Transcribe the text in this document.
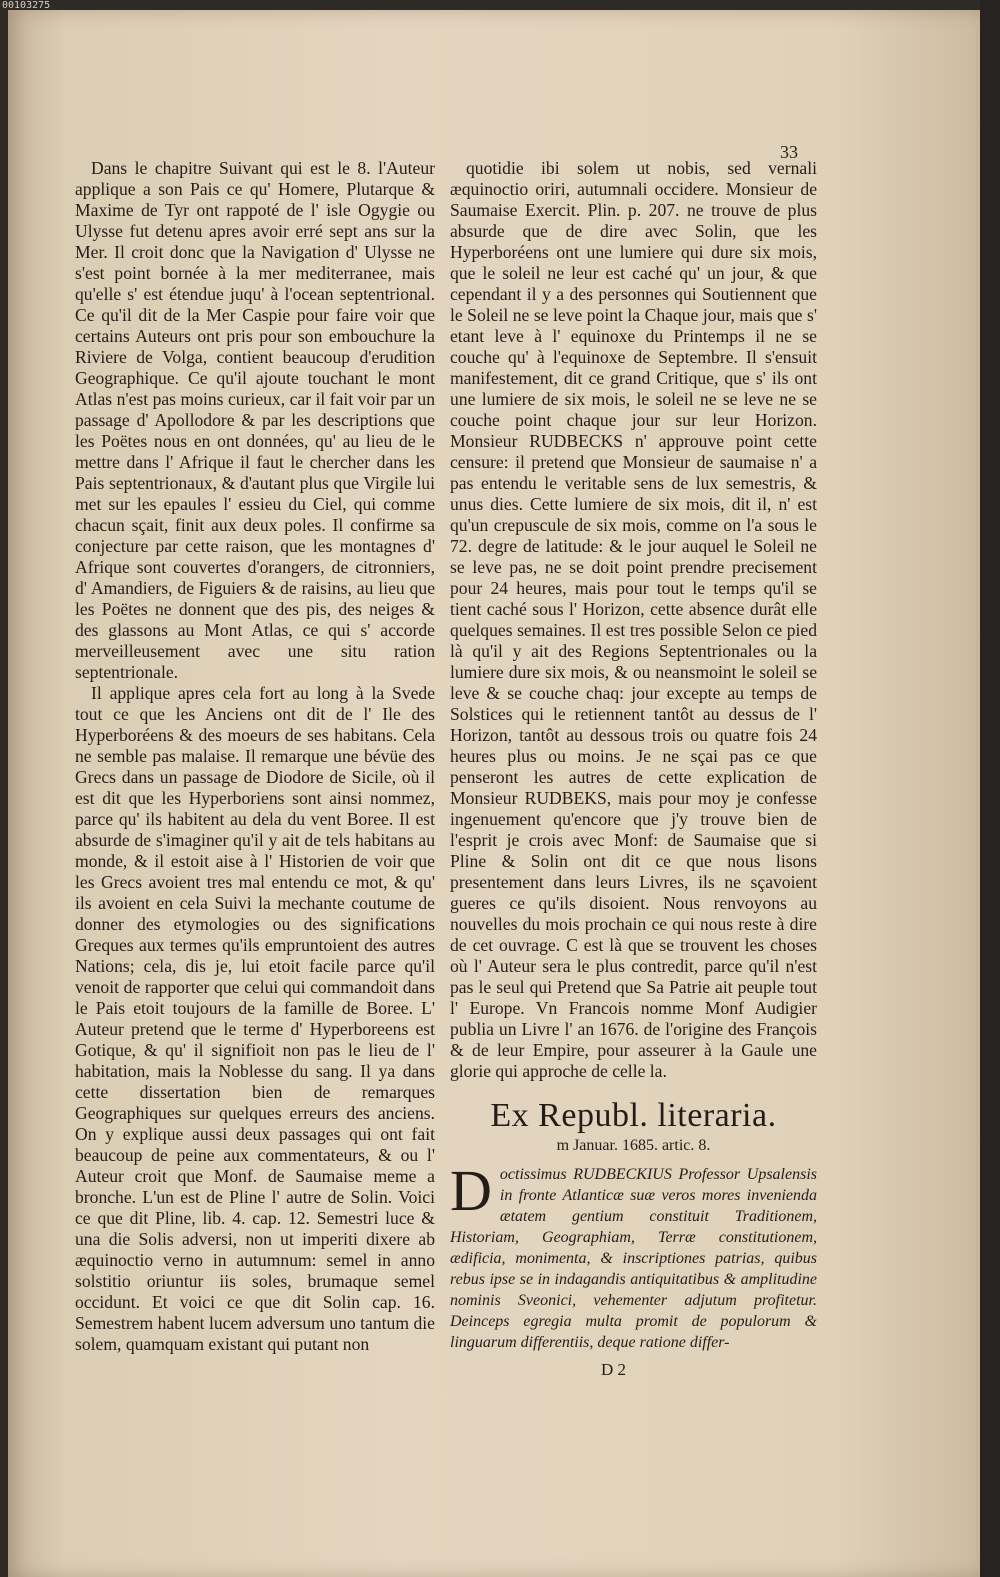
00103275
33

Dans le chapitre Suivant qui est le 8. l'Auteur applique a son Pais ce qu' Homere, Plutarque & Maxime de Tyr ont rappoté de l' isle Ogygie ou Ulysse fut detenu apres avoir erré sept ans sur la Mer. Il croit donc que la Navigation d' Ulysse ne s'est point bornée à la mer mediterranee, mais qu'elle s' est étendue juqu' à l'ocean septentrional. Ce qu'il dit de la Mer Caspie pour faire voir que certains Auteurs ont pris pour son embouchure la Riviere de Volga, contient beaucoup d'erudition Geographique. Ce qu'il ajoute touchant le mont Atlas n'est pas moins curieux, car il fait voir par un passage d' Apollodore & par les descriptions que les Poëtes nous en ont données, qu' au lieu de le mettre dans l' Afrique il faut le chercher dans les Pais septentrionaux, & d'autant plus que Virgile lui met sur les epaules l' essieu du Ciel, qui comme chacun sçait, finit aux deux poles. Il confirme sa conjecture par cette raison, que les montagnes d' Afrique sont couvertes d'orangers, de citronniers, d' Amandiers, de Figuiers & de raisins, au lieu que les Poëtes ne donnent que des pis, des neiges & des glassons au Mont Atlas, ce qui s' accorde merveilleusement avec une situ ration septentrionale.

Il applique apres cela fort au long à la Svede tout ce que les Anciens ont dit de l' Ile des Hyperboréens & des moeurs de ses habitans. Cela ne semble pas malaise. Il remarque une bévüe des Grecs dans un passage de Diodore de Sicile, où il est dit que les Hyperboriens sont ainsi nommez, parce qu' ils habitent au dela du vent Boree. Il est absurde de s'imaginer qu'il y ait de tels habitans au monde, & il estoit aise à l' Historien de voir que les Grecs avoient tres mal entendu ce mot, & qu' ils avoient en cela Suivi la mechante coutume de donner des etymologies ou des significations Greques aux termes qu'ils empruntoient des autres Nations; cela, dis je, lui etoit facile parce qu'il venoit de rapporter que celui qui commandoit dans le Pais etoit toujours de la famille de Boree. L' Auteur pretend que le terme d' Hyperboreens est Gotique, & qu' il signifioit non pas le lieu de l' habitation, mais la Noblesse du sang. Il ya dans cette dissertation bien de remarques Geographiques sur quelques erreurs des anciens. On y explique aussi deux passages qui ont fait beaucoup de peine aux commentateurs, & ou l' Auteur croit que Monf. de Saumaise meme a bronche. L'un est de Pline l' autre de Solin. Voici ce que dit Pline, lib. 4. cap. 12. Semestri luce & una die Solis adversi, non ut imperiti dixere ab æquinoctio verno in autumnum: semel in anno solstitio oriuntur iis soles, brumaque semel occidunt. Et voici ce que dit Solin cap. 16. Semestrem habent lucem adversum uno tantum die solem, quamquam existant qui putant non

quotidie ibi solem ut nobis, sed vernali æquinoctio oriri, autumnali occidere. Monsieur de Saumaise Exercit. Plin. p. 207. ne trouve de plus absurde que de dire avec Solin, que les Hyperboréens ont une lumiere qui dure six mois, que le soleil ne leur est caché qu' un jour, & que cependant il y a des personnes qui Soutiennent que le Soleil ne se leve point la Chaque jour, mais que s' etant leve à l' equinoxe du Printemps il ne se couche qu' à l'equinoxe de Septembre. Il s'ensuit manifestement, dit ce grand Critique, que s' ils ont une lumiere de six mois, le soleil ne se leve ne se couche point chaque jour sur leur Horizon. Monsieur RUDBECKS n' approuve point cette censure: il pretend que Monsieur de saumaise n' a pas entendu le veritable sens de lux semestris, & unus dies. Cette lumiere de six mois, dit il, n' est qu'un crepuscule de six mois, comme on l'a sous le 72. degre de latitude: & le jour auquel le Soleil ne se leve pas, ne se doit point prendre precisement pour 24 heures, mais pour tout le temps qu'il se tient caché sous l' Horizon, cette absence durât elle quelques semaines. Il est tres possible Selon ce pied là qu'il y ait des Regions Septentrionales ou la lumiere dure six mois, & ou neansmoint le soleil se leve & se couche chaq: jour excepte au temps de Solstices qui le retiennent tantôt au dessus de l' Horizon, tantôt au dessous trois ou quatre fois 24 heures plus ou moins. Je ne sçai pas ce que penseront les autres de cette explication de Monsieur RUDBEKS, mais pour moy je confesse ingenuement qu'encore que j'y trouve bien de l'esprit je crois avec Monf: de Saumaise que si Pline & Solin ont dit ce que nous lisons presentement dans leurs Livres, ils ne sçavoient gueres ce qu'ils disoient. Nous renvoyons au nouvelles du mois prochain ce qui nous reste à dire de cet ouvrage. C est là que se trouvent les choses où l' Auteur sera le plus contredit, parce qu'il n'est pas le seul qui Pretend que Sa Patrie ait peuple tout l' Europe. Vn Francois nomme Monf Audigier publia un Livre l' an 1676. de l'origine des François & de leur Empire, pour asseurer à la Gaule une glorie qui approche de celle la.

Ex Republ. literaria.
m Januar. 1685. artic. 8.
Doctissimus RUDBECKIUS Professor Upsalensis in fronte Atlanticæ suæ veros mores invenienda ætatem gentium constituit Traditionem, Historiam, Geographiam, Terræ constitutionem, ædificia, monimenta, & inscriptiones patrias, quibus rebus ipse se in indagandis antiquitatibus & amplitudine nominis Sveonici, vehementer adjutum profitetur. Deinceps egregia multa promit de populorum & linguarum differentiis, deque ratione differ-
D 2
